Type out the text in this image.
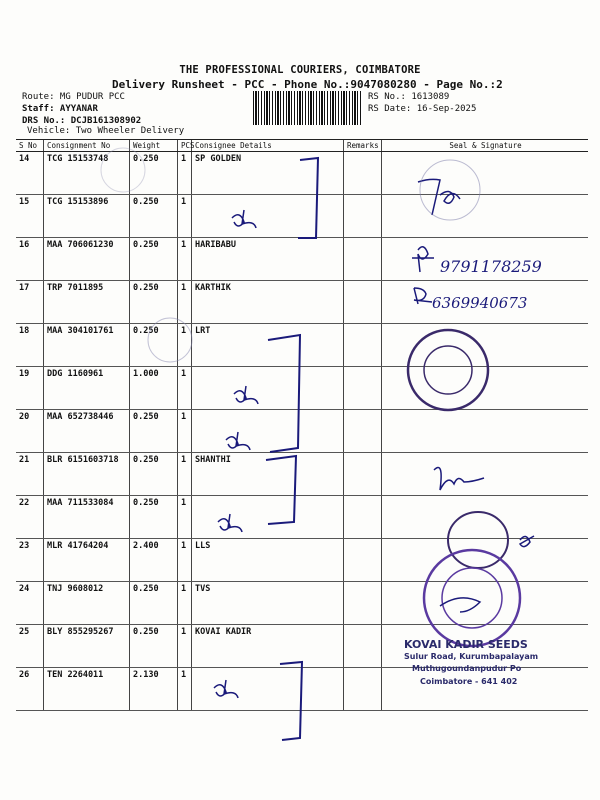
THE PROFESSIONAL COURIERS, COIMBATORE
Delivery Runsheet - PCC - Phone No.:9047080280 - Page No.:2
Route: MG PUDUR PCC
Staff: AYYANAR
DRS No.: DCJB161308902
Vehicle: Two Wheeler Delivery
RS No.: 1613089
RS Date: 16-Sep-2025
S No	Consignment No	Weight	PCS Consignee Details	Remarks	Seal & Signature
14	TCG 15153748	0.250	1	SP GOLDEN
15	TCG 15153896	0.250	1
16	MAA 706061230	0.250	1	HARIBABU
17	TRP 7011895	0.250	1	KARTHIK
18	MAA 304101761	0.250	1	LRT
19	DDG 1160961	1.000	1
20	MAA 652738446	0.250	1
21	BLR 6151603718	0.250	1	SHANTHI
22	MAA 711533084	0.250	1
23	MLR 41764204	2.400	1	LLS
24	TNJ 9608012	0.250	1	TVS
25	BLY 855295267	0.250	1	KOVAI KADIR
26	TEN 2264011	2.130	1
9791178259
6369940673
KOVAI KADIR SEEDS
Sulur Road, Kurumbapalayam
Muthugoundanpudur Po
Coimbatore - 641 402
